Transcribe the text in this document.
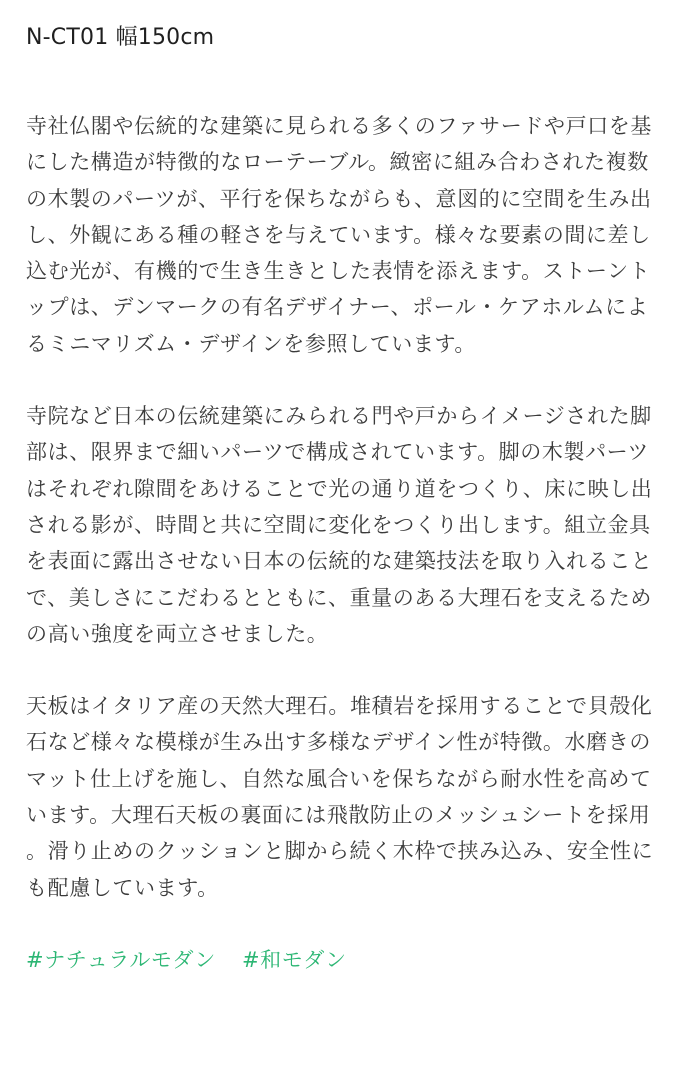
N-CT01 幅150cm

寺社仏閣や伝統的な建築に見られる多くのファサードや戸口を基にした構造が特徴的なローテーブル。緻密に組み合わされた複数の木製のパーツが、平行を保ちながらも、意図的に空間を生み出し、外観にある種の軽さを与えています。様々な要素の間に差し込む光が、有機的で生き生きとした表情を添えます。ストーントップは、デンマークの有名デザイナー、ポール・ケアホルムによるミニマリズム・デザインを参照しています。

寺院など日本の伝統建築にみられる門や戸からイメージされた脚部は、限界まで細いパーツで構成されています。脚の木製パーツはそれぞれ隙間をあけることで光の通り道をつくり、床に映し出される影が、時間と共に空間に変化をつくり出します。組立金具を表面に露出させない日本の伝統的な建築技法を取り入れることで、美しさにこだわるとともに、重量のある大理石を支えるための高い強度を両立させました。

天板はイタリア産の天然大理石。堆積岩を採用することで貝殻化石など様々な模様が生み出す多様なデザイン性が特徴。水磨きのマット仕上げを施し、自然な風合いを保ちながら耐水性を高めています。大理石天板の裏面には飛散防止のメッシュシートを採用。滑り止めのクッションと脚から続く木枠で挟み込み、安全性にも配慮しています。

#ナチュラルモダン #和モダン
